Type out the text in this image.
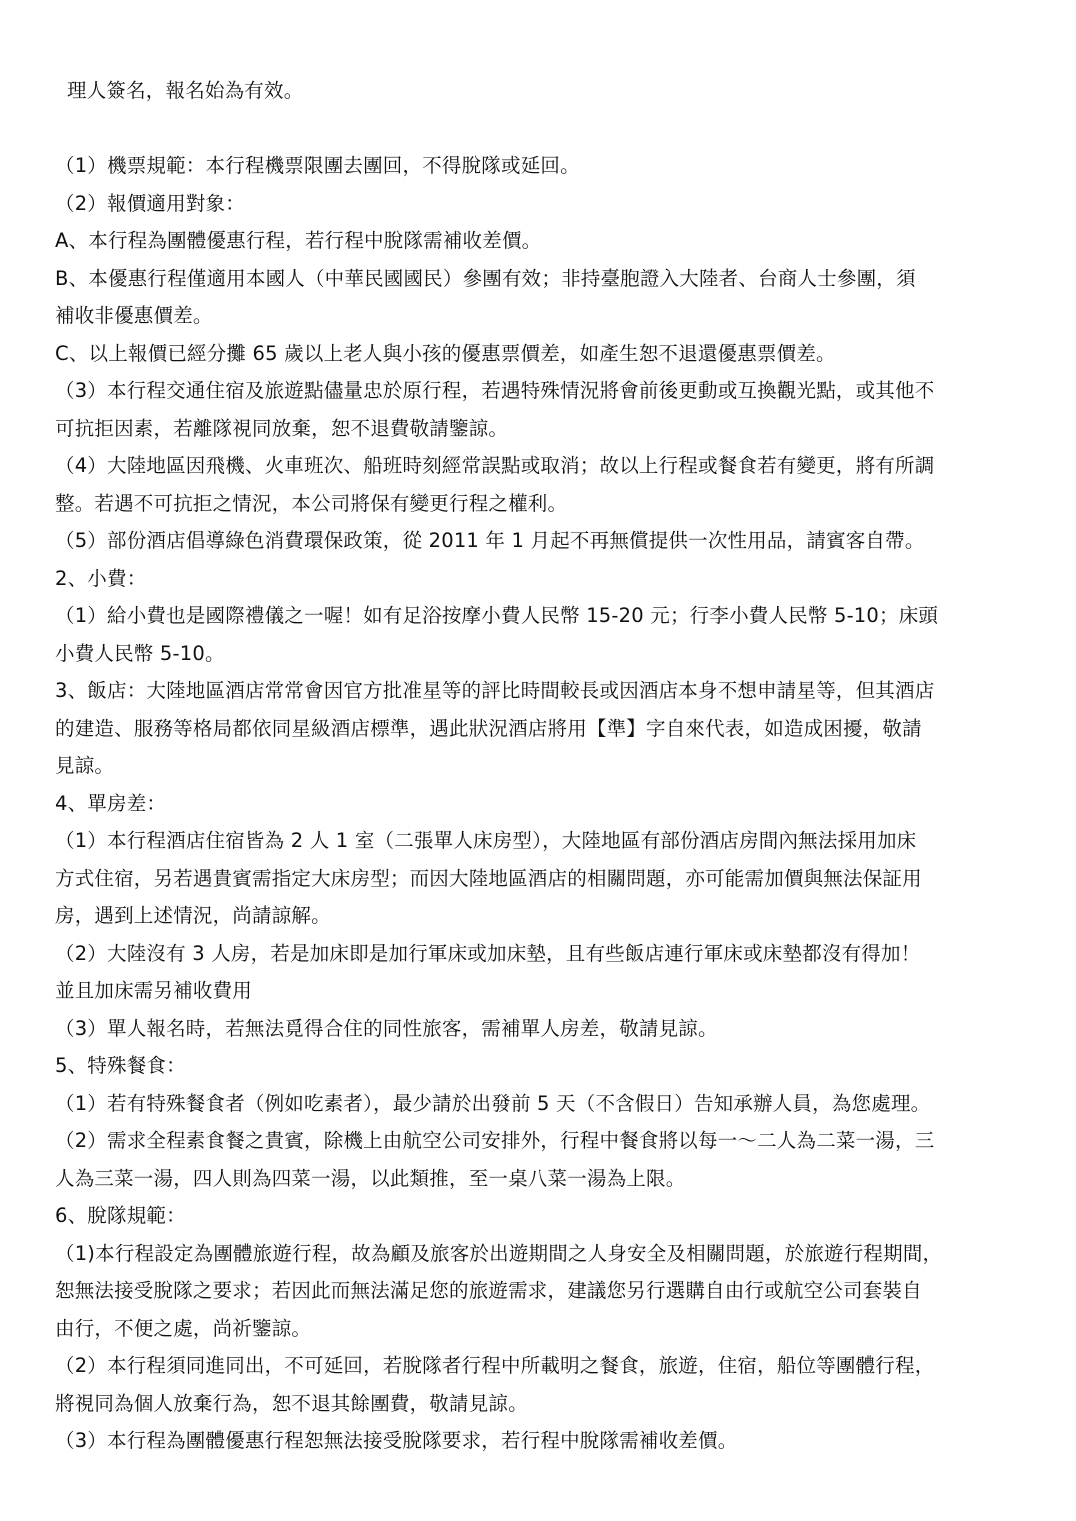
理人簽名，報名始為有效。
（1）機票規範：本行程機票限團去團回，不得脫隊或延回。
（2）報價適用對象：
A、本行程為團體優惠行程，若行程中脫隊需補收差價。
B、本優惠行程僅適用本國人（中華民國國民）參團有效；非持臺胞證入大陸者、台商人士參團，須
補收非優惠價差。
C、以上報價已經分攤 65 歲以上老人與小孩的優惠票價差，如產生恕不退還優惠票價差。
（3）本行程交通住宿及旅遊點儘量忠於原行程，若遇特殊情況將會前後更動或互換觀光點，或其他不
可抗拒因素，若離隊視同放棄，恕不退費敬請鑒諒。
（4）大陸地區因飛機、火車班次、船班時刻經常誤點或取消；故以上行程或餐食若有變更，將有所調
整。若遇不可抗拒之情況，本公司將保有變更行程之權利。
（5）部份酒店倡導綠色消費環保政策，從 2011 年 1 月起不再無償提供一次性用品，請賓客自帶。
2、小費：
（1）給小費也是國際禮儀之一喔！如有足浴按摩小費人民幣 15-20 元；行李小費人民幣 5-10；床頭
小費人民幣 5-10。
3、飯店：大陸地區酒店常常會因官方批准星等的評比時間較長或因酒店本身不想申請星等，但其酒店
的建造、服務等格局都依同星級酒店標準，遇此狀況酒店將用【準】字自來代表，如造成困擾，敬請
見諒。
4、單房差：
（1）本行程酒店住宿皆為 2 人 1 室（二張單人床房型），大陸地區有部份酒店房間內無法採用加床
方式住宿，另若遇貴賓需指定大床房型；而因大陸地區酒店的相關問題，亦可能需加價與無法保証用
房，遇到上述情況，尚請諒解。
（2）大陸沒有 3 人房，若是加床即是加行軍床或加床墊，且有些飯店連行軍床或床墊都沒有得加！
並且加床需另補收費用
（3）單人報名時，若無法覓得合住的同性旅客，需補單人房差，敬請見諒。
5、特殊餐食：
（1）若有特殊餐食者（例如吃素者），最少請於出發前 5 天（不含假日）告知承辦人員，為您處理。
（2）需求全程素食餐之貴賓，除機上由航空公司安排外，行程中餐食將以每一～二人為二菜一湯，三
人為三菜一湯，四人則為四菜一湯，以此類推，至一桌八菜一湯為上限。
6、脫隊規範：
（1)本行程設定為團體旅遊行程，故為顧及旅客於出遊期間之人身安全及相關問題，於旅遊行程期間，
恕無法接受脫隊之要求；若因此而無法滿足您的旅遊需求，建議您另行選購自由行或航空公司套裝自
由行，不便之處，尚祈鑒諒。
（2）本行程須同進同出，不可延回，若脫隊者行程中所載明之餐食，旅遊，住宿，船位等團體行程，
將視同為個人放棄行為，恕不退其餘團費，敬請見諒。
（3）本行程為團體優惠行程恕無法接受脫隊要求，若行程中脫隊需補收差價。
